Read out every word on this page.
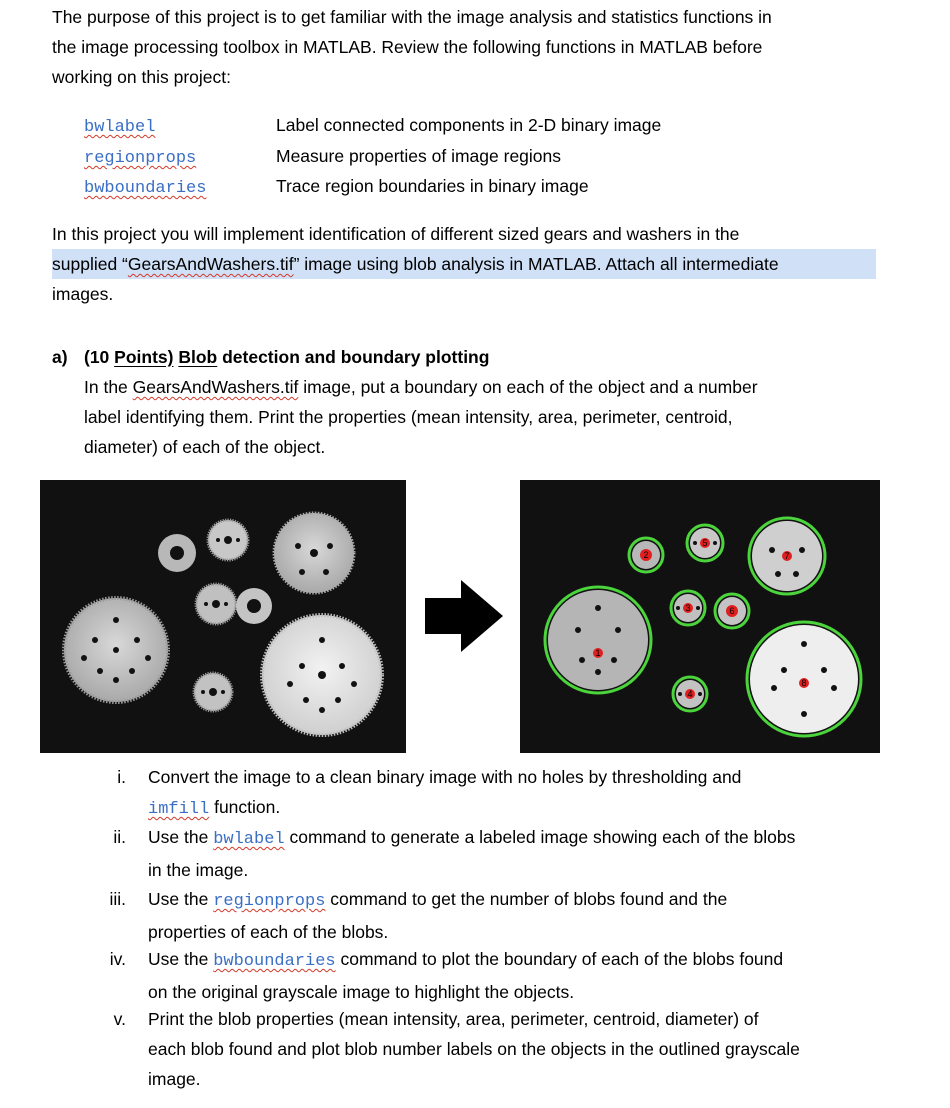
The purpose of this project is to get familiar with the image analysis and statistics functions in
the image processing toolbox in MATLAB. Review the following functions in MATLAB before
working on this project:
bwlabel	Label connected components in 2-D binary image
regionprops	Measure properties of image regions
bwboundaries	Trace region boundaries in binary image
In this project you will implement identification of different sized gears and washers in the
supplied “GearsAndWashers.tif” image using blob analysis in MATLAB. Attach all intermediate
images.
a) (10 Points) Blob detection and boundary plotting
In the GearsAndWashers.tif image, put a boundary on each of the object and a number
label identifying them. Print the properties (mean intensity, area, perimeter, centroid,
diameter) of each of the object.
1
2
3
4
5
6
7
8
i. Convert the image to a clean binary image with no holes by thresholding and
imfill function.
ii. Use the bwlabel command to generate a labeled image showing each of the blobs
in the image.
iii. Use the regionprops command to get the number of blobs found and the
properties of each of the blobs.
iv. Use the bwboundaries command to plot the boundary of each of the blobs found
on the original grayscale image to highlight the objects.
v. Print the blob properties (mean intensity, area, perimeter, centroid, diameter) of
each blob found and plot blob number labels on the objects in the outlined grayscale
image.
